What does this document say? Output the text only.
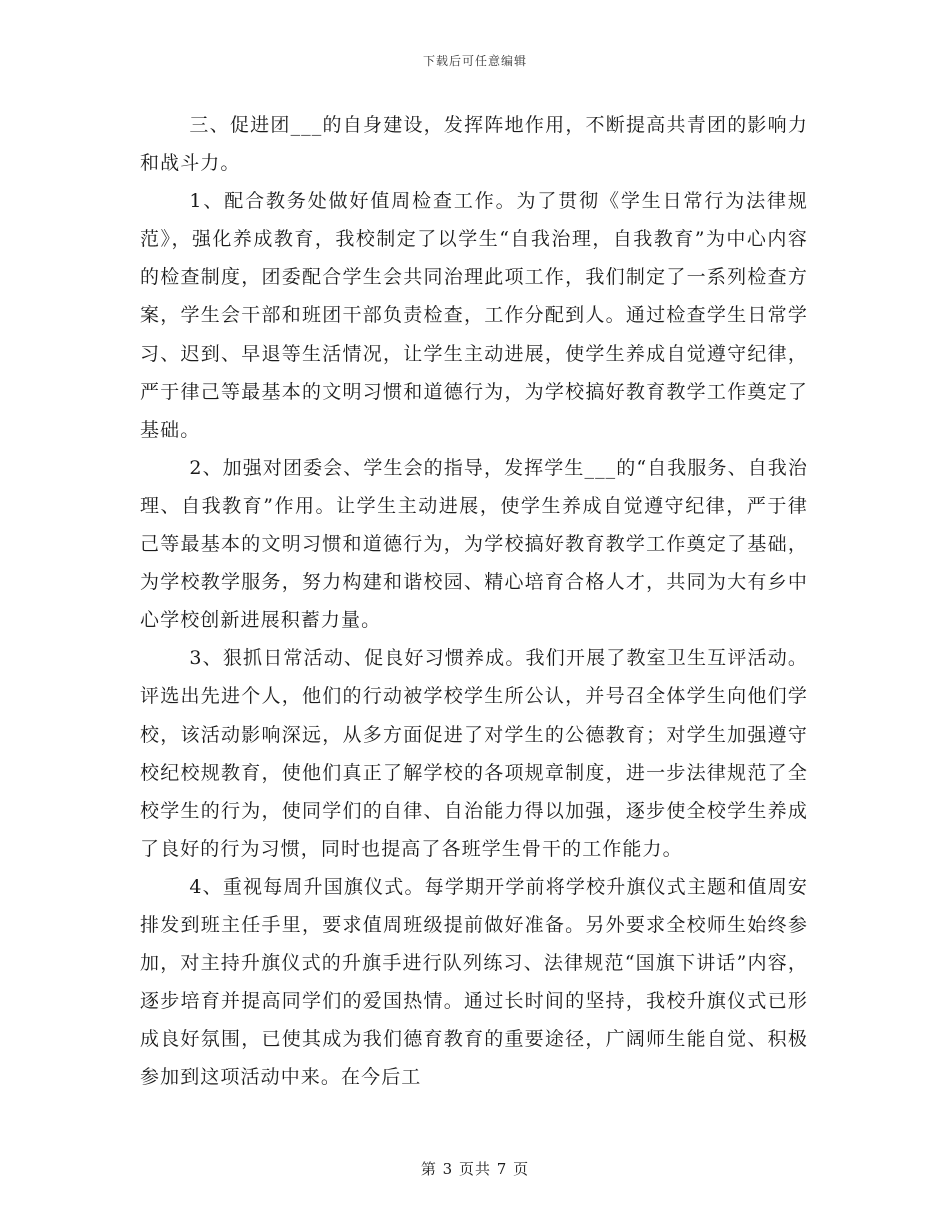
下载后可任意编辑

三、促进团___的自身建设，发挥阵地作用，不断提高共青团的影响力和战斗力。

1、配合教务处做好值周检查工作。为了贯彻《学生日常行为法律规范》，强化养成教育，我校制定了以学生“自我治理，自我教育”为中心内容的检查制度，团委配合学生会共同治理此项工作，我们制定了一系列检查方案，学生会干部和班团干部负责检查，工作分配到人。通过检查学生日常学习、迟到、早退等生活情况，让学生主动进展，使学生养成自觉遵守纪律，严于律己等最基本的文明习惯和道德行为，为学校搞好教育教学工作奠定了基础。

2、加强对团委会、学生会的指导，发挥学生___的“自我服务、自我治理、自我教育”作用。让学生主动进展，使学生养成自觉遵守纪律，严于律己等最基本的文明习惯和道德行为，为学校搞好教育教学工作奠定了基础，为学校教学服务，努力构建和谐校园、精心培育合格人才，共同为大有乡中心学校创新进展积蓄力量。

3、狠抓日常活动、促良好习惯养成。我们开展了教室卫生互评活动。评选出先进个人，他们的行动被学校学生所公认，并号召全体学生向他们学校，该活动影响深远，从多方面促进了对学生的公德教育；对学生加强遵守校纪校规教育，使他们真正了解学校的各项规章制度，进一步法律规范了全校学生的行为，使同学们的自律、自治能力得以加强，逐步使全校学生养成了良好的行为习惯，同时也提高了各班学生骨干的工作能力。

4、重视每周升国旗仪式。每学期开学前将学校升旗仪式主题和值周安排发到班主任手里，要求值周班级提前做好准备。另外要求全校师生始终参加，对主持升旗仪式的升旗手进行队列练习、法律规范“国旗下讲话”内容，逐步培育并提高同学们的爱国热情。通过长时间的坚持，我校升旗仪式已形成良好氛围，已使其成为我们德育教育的重要途径，广阔师生能自觉、积极参加到这项活动中来。在今后工

第 3 页共 7 页
